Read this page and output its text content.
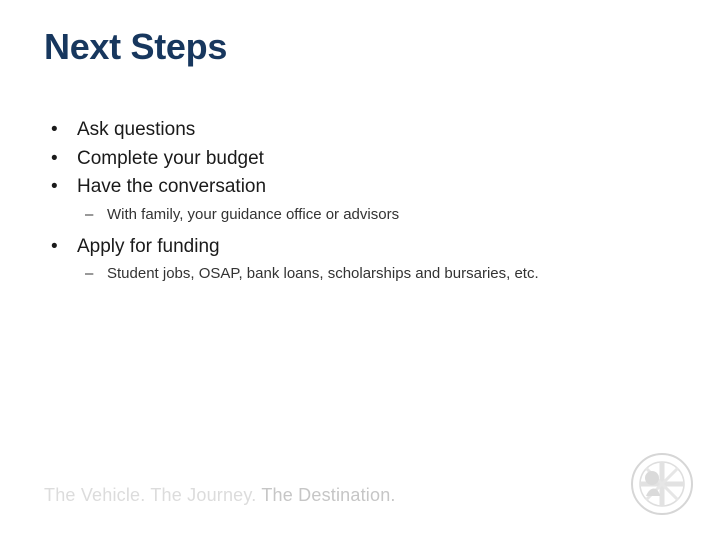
Next Steps
• Ask questions
• Complete your budget
• Have the conversation
– With family, your guidance office or advisors
• Apply for funding
– Student jobs, OSAP, bank loans, scholarships and bursaries, etc.
The Vehicle. The Journey. The Destination.
